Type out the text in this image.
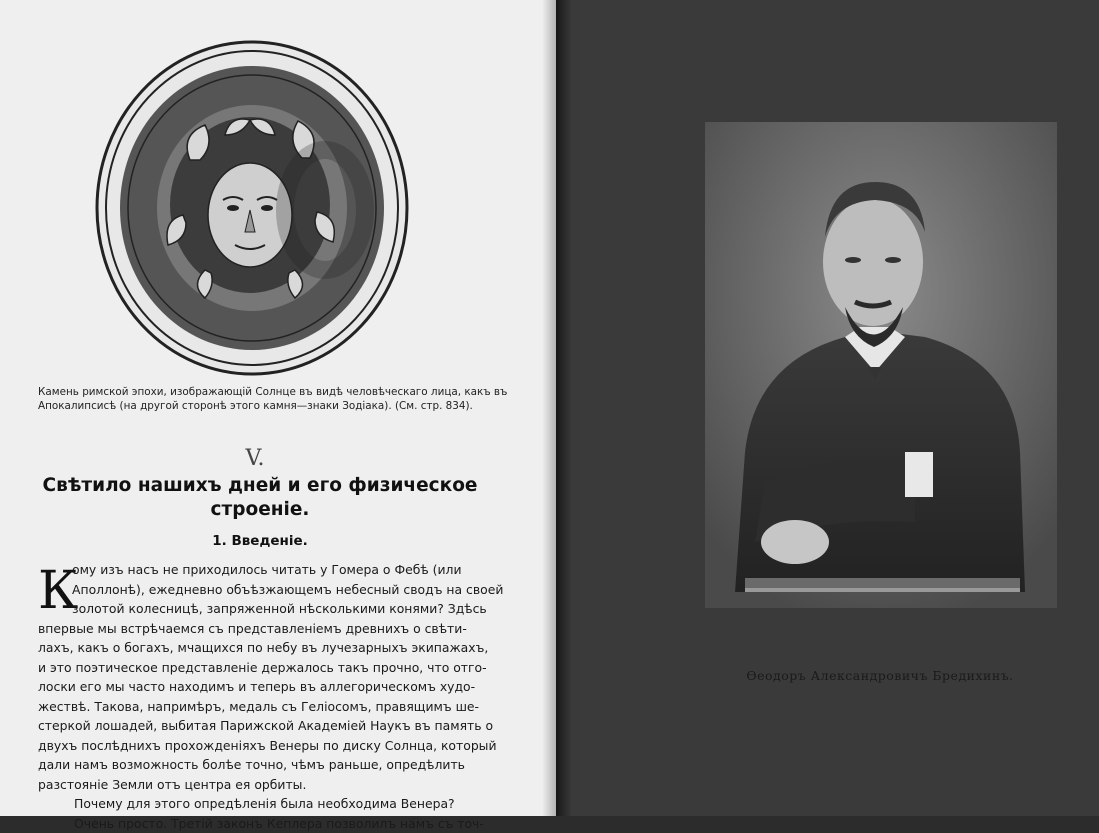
Камень римской эпохи, изображающій Солнце въ видѣ человѣческаго лица, какъ въ Апокалипсисѣ (на другой сторонѣ этого камня—знаки Зодіака). (См. стр. 834).
V.
Свѣтило нашихъ дней и его физическое строеніе.
1. Введеніе.
К
ому изъ насъ не приходилось читать у Гомера о Фебѣ (или
Аполлонѣ), ежедневно объѣзжающемъ небесный сводъ на своей
золотой колесницѣ, запряженной нѣсколькими конями? Здѣсь
впервые мы встрѣчаемся съ представленіемъ древнихъ о свѣти-
лахъ, какъ о богахъ, мчащихся по небу въ лучезарныхъ экипажахъ,
и это поэтическое представленіе держалось такъ прочно, что отго-
лоски его мы часто находимъ и теперь въ аллегорическомъ худо-
жествѣ. Такова, напримѣръ, медаль съ Геліосомъ, правящимъ ше-
стеркой лошадей, выбитая Парижской Академіей Наукъ въ память о
двухъ послѣднихъ прохожденіяхъ Венеры по диску Солнца, который
дали намъ возможность болѣе точно, чѣмъ раньше, опредѣлить
разстояніе Земли отъ центра ея орбиты.
Почему для этого опредѣленія была необходима Венера?
Очень просто. Третій законъ Кеплера позволилъ намъ съ точ-
Ѳеодоръ Александровичъ Бредихинъ.
